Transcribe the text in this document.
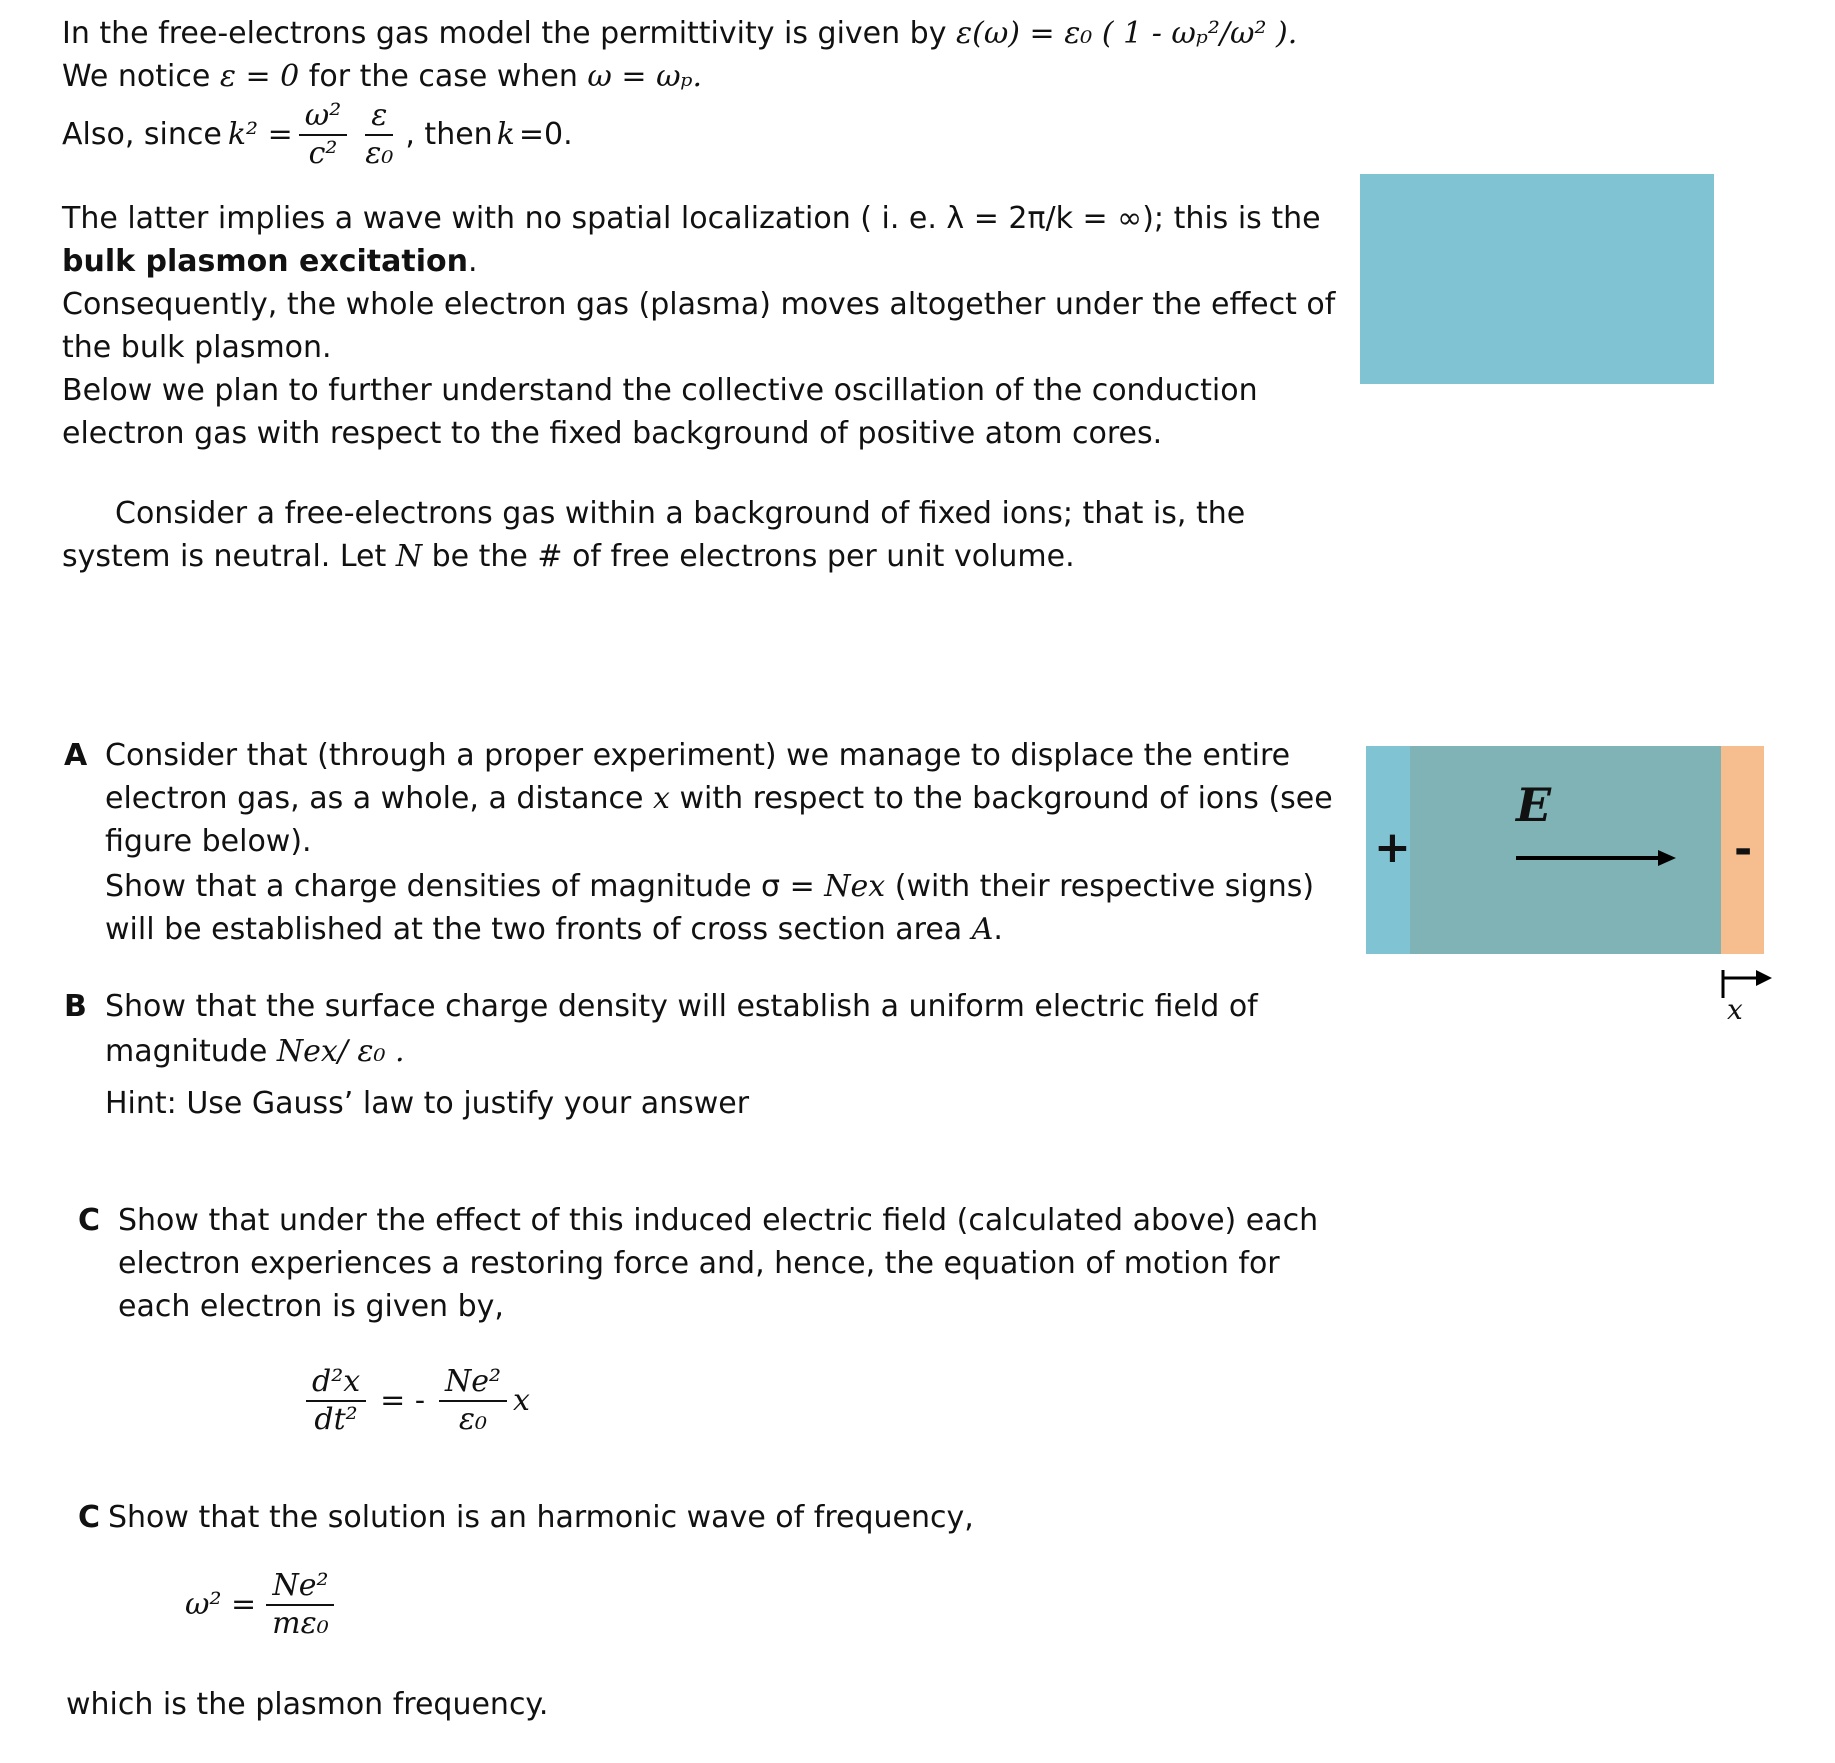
In the free-electrons gas model the permittivity is given by ε(ω) = ε₀ ( 1 - ωₚ²/ω² ).
We notice ε = 0 for the case when ω = ωₚ.
Also, since $k^2 = \frac{\text{ω²}}{\text{c²}} \frac{\varepsilon}{\text{ε₀}}$ , then k =0.
The latter implies a wave with no spatial localization ( i. e. λ = 2π/k = ∞); this is the
bulk plasmon excitation.
Consequently, the whole electron gas (plasma) moves altogether under the effect of
the bulk plasmon.
Below we plan to further understand the collective oscillation of the conduction
electron gas with respect to the fixed background of positive atom cores.
Consider a free-electrons gas within a background of fixed ions; that is, the
system is neutral. Let N be the # of free electrons per unit volume.
A Consider that (through a proper experiment) we manage to displace the entire
electron gas, as a whole, a distance x with respect to the background of ions (see
figure below).
Show that a charge densities of magnitude σ = Nex (with their respective signs)
will be established at the two fronts of cross section area A.
B Show that the surface charge density will establish a uniform electric field of
magnitude Nex/ ε₀ .
Hint: Use Gauss’ law to justify your answer
C Show that under the effect of this induced electric field (calculated above) each
electron experiences a restoring force and, hence, the equation of motion for
each electron is given by,
$\frac{\text{d²x}}{\text{dt²}}$ = - $\frac{\text{Ne²}}{\text{ε₀}}$ x
C Show that the solution is an harmonic wave of frequency,
$\omega^2 = \frac{\text{Ne²}}{\text{mε₀}}$
which is the plasmon frequency.
+	-
E
x
